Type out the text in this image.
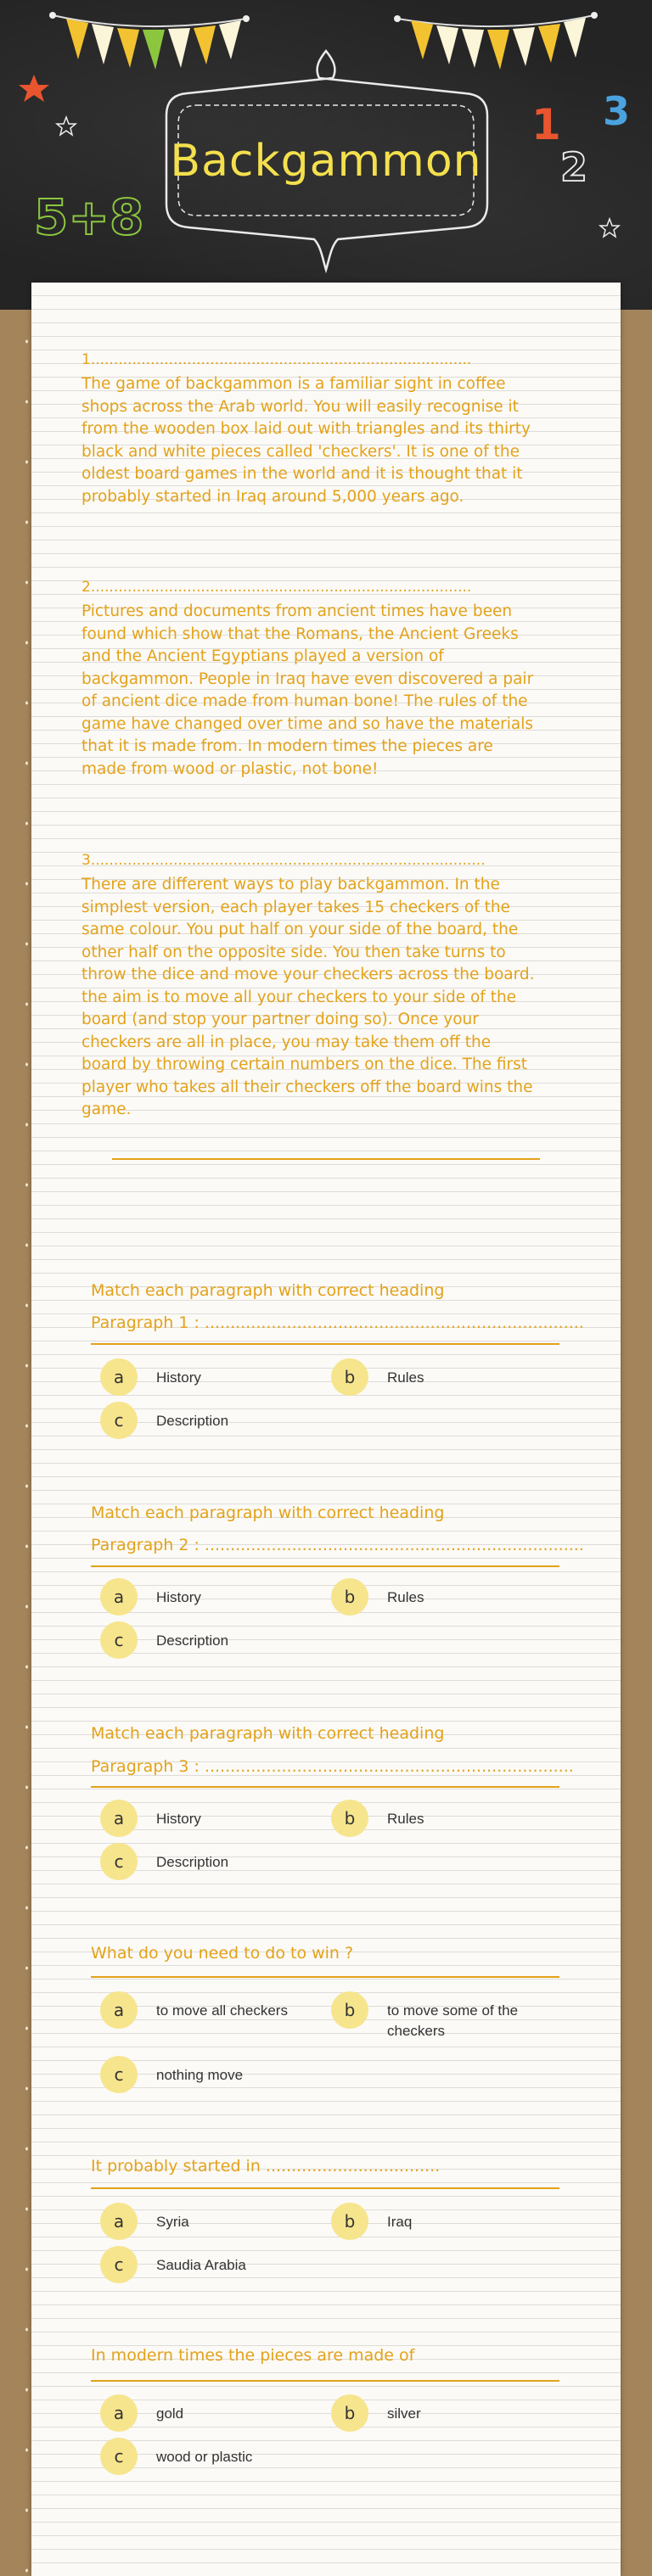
Backgammon
1
2
3
5+8
1...................................................................................
The game of backgammon is a familiar sight in coffee shops across the Arab world. You will easily recognise it from the wooden box laid out with triangles and its thirty black and white pieces called 'checkers'. It is one of the oldest board games in the world and it is thought that it probably started in Iraq around 5,000 years ago.
2...................................................................................
Pictures and documents from ancient times have been found which show that the Romans, the Ancient Greeks and the Ancient Egyptians played a version of backgammon. People in Iraq have even discovered a pair of ancient dice made from human bone! The rules of the game have changed over time and so have the materials that it is made from. In modern times the pieces are made from wood or plastic, not bone!
3......................................................................................
There are different ways to play backgammon. In the simplest version, each player takes 15 checkers of the same colour. You put half on your side of the board, the other half on the opposite side. You then take turns to throw the dice and move your checkers across the board. the aim is to move all your checkers to your side of the board (and stop your partner doing so). Once your checkers are all in place, you may take them off the board by throwing certain numbers on the dice. The first player who takes all their checkers off the board wins the game.
Match each paragraph with correct heading
Paragraph 1 : ..........................................................................
a	History	b	Rules
c	Description
Match each paragraph with correct heading
Paragraph 2 : ..........................................................................
a	History	b	Rules
c	Description
Match each paragraph with correct heading
Paragraph 3 : ........................................................................
a	History	b	Rules
c	Description
What do you need to do to win ?
a	to move all checkers	b	to move some of the checkers
c	nothing move
It probably started in ..................................
a	Syria	b	Iraq
c	Saudia Arabia
In modern times the pieces are made of
a	gold	b	silver
c	wood or plastic
